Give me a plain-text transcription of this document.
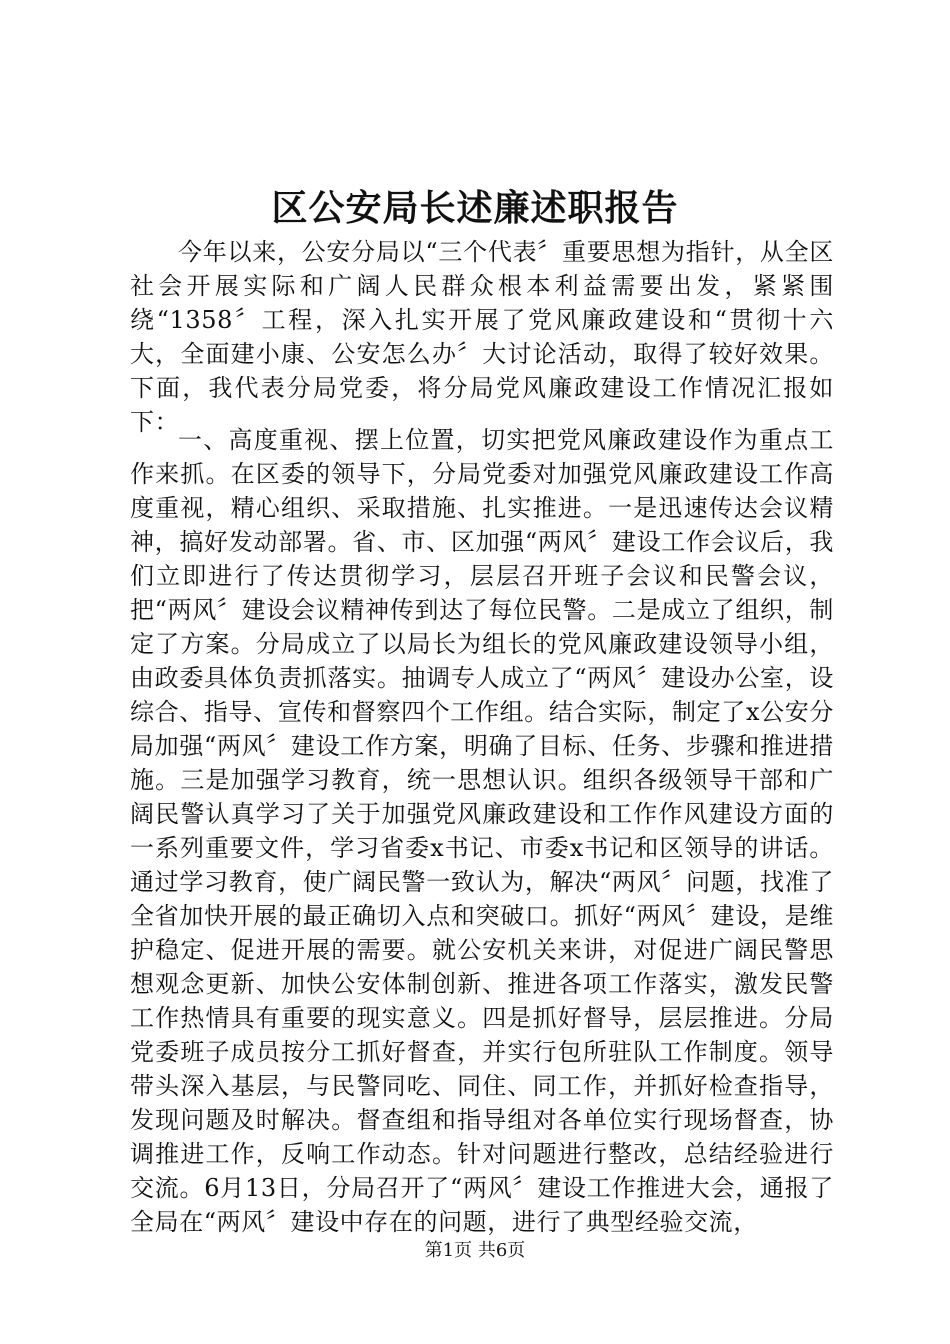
区公安局长述廉述职报告

今年以来，公安分局以“三个代表〞重要思想为指针，从全区社会开展实际和广阔人民群众根本利益需要出发，紧紧围绕“1358〞工程，深入扎实开展了党风廉政建设和“贯彻十六大，全面建小康、公安怎么办〞大讨论活动，取得了较好效果。下面，我代表分局党委，将分局党风廉政建设工作情况汇报如下：

一、高度重视、摆上位置，切实把党风廉政建设作为重点工作来抓。在区委的领导下，分局党委对加强党风廉政建设工作高度重视，精心组织、采取措施、扎实推进。一是迅速传达会议精神，搞好发动部署。省、市、区加强“两风〞建设工作会议后，我们立即进行了传达贯彻学习，层层召开班子会议和民警会议，把“两风〞建设会议精神传到达了每位民警。二是成立了组织，制定了方案。分局成立了以局长为组长的党风廉政建设领导小组，由政委具体负责抓落实。抽调专人成立了“两风〞建设办公室，设综合、指导、宣传和督察四个工作组。结合实际，制定了x公安分局加强“两风〞建设工作方案，明确了目标、任务、步骤和推进措施。三是加强学习教育，统一思想认识。组织各级领导干部和广阔民警认真学习了关于加强党风廉政建设和工作作风建设方面的一系列重要文件，学习省委x书记、市委x书记和区领导的讲话。通过学习教育，使广阔民警一致认为，解决“两风〞问题，找准了全省加快开展的最正确切入点和突破口。抓好“两风〞建设，是维护稳定、促进开展的需要。就公安机关来讲，对促进广阔民警思想观念更新、加快公安体制创新、推进各项工作落实，激发民警工作热情具有重要的现实意义。四是抓好督导，层层推进。分局党委班子成员按分工抓好督查，并实行包所驻队工作制度。领导带头深入基层，与民警同吃、同住、同工作，并抓好检查指导，发现问题及时解决。督查组和指导组对各单位实行现场督查，协调推进工作，反响工作动态。针对问题进行整改，总结经验进行交流。6月13日，分局召开了“两风〞建设工作推进大会，通报了全局在“两风〞建设中存在的问题，进行了典型经验交流，

第1页 共6页
